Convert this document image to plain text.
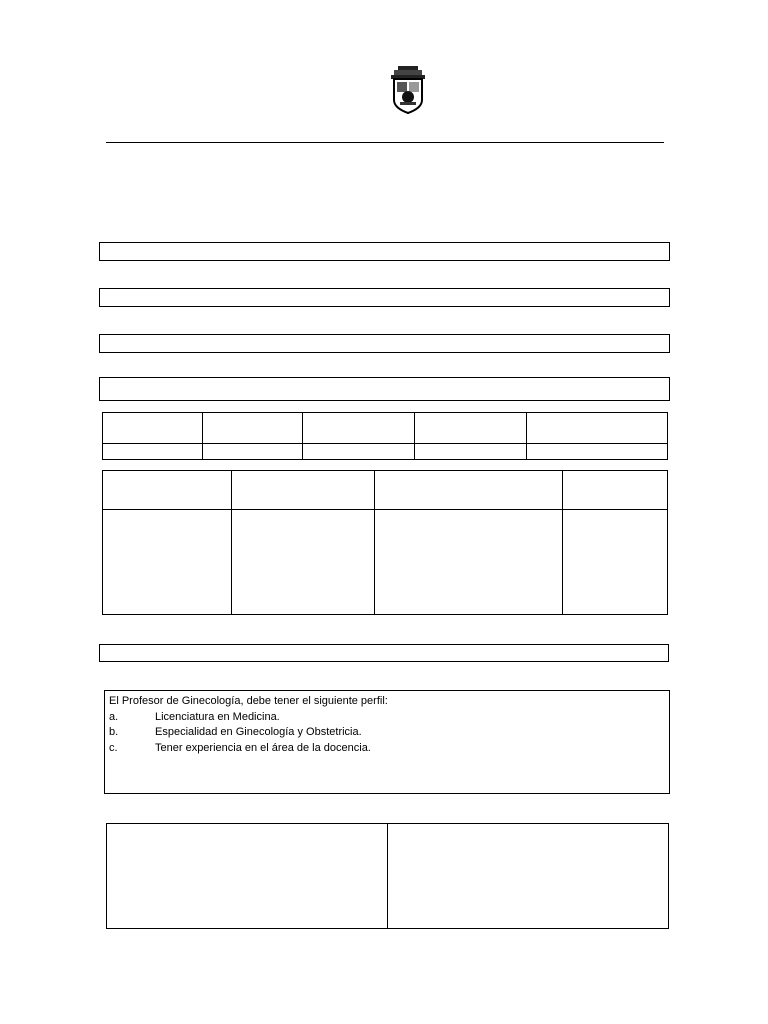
El Profesor de Ginecología, debe tener el siguiente perfil:
a.	Licenciatura en Medicina.
b.	Especialidad en Ginecología y Obstetricia.
c.	Tener experiencia en el área de la docencia.
